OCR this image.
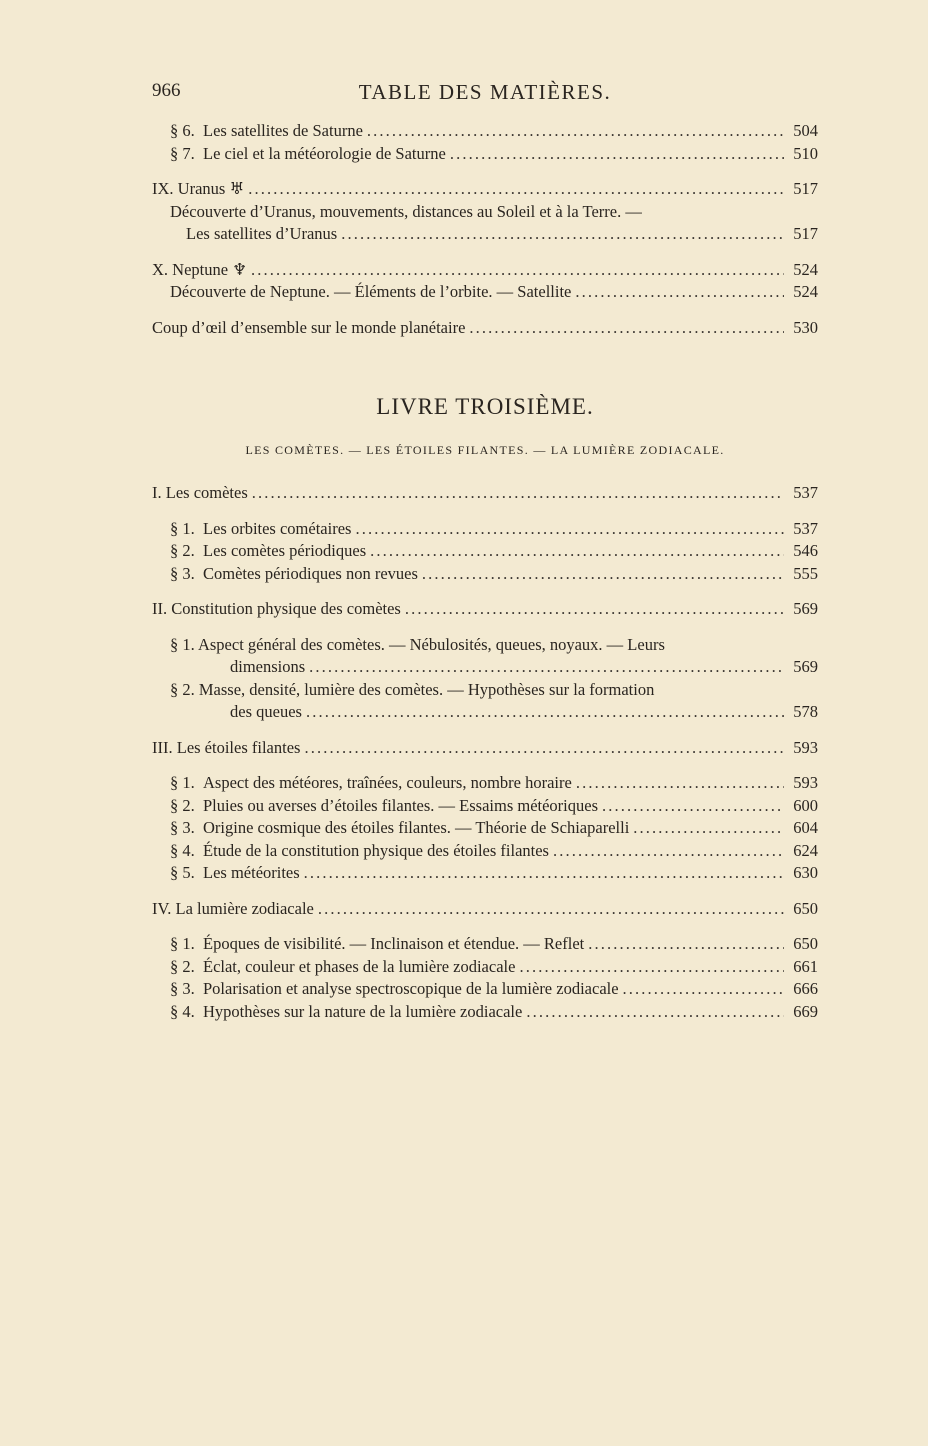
966	TABLE DES MATIÈRES.
§ 6. Les satellites de Saturne . . .	504
§ 7. Le ciel et la météorologie de Saturne . . .	510
IX. Uranus ♅ . . .	517
Découverte d’Uranus, mouvements, distances au Soleil et à la Terre. —
Les satellites d’Uranus . . .	517
X. Neptune ♆ . . .	524
Découverte de Neptune. — Éléments de l’orbite. — Satellite . . .	524
Coup d’œil d’ensemble sur le monde planétaire . . .	530
LIVRE TROISIÈME.
LES COMÈTES. — LES ÉTOILES FILANTES. — LA LUMIÈRE ZODIACALE.
I. Les comètes . . .	537
§ 1. Les orbites cométaires . . .	537
§ 2. Les comètes périodiques . . .	546
§ 3. Comètes périodiques non revues . . .	555
II. Constitution physique des comètes . . .	569
§ 1. Aspect général des comètes. — Nébulosités, queues, noyaux. — Leurs
dimensions . . .	569
§ 2. Masse, densité, lumière des comètes. — Hypothèses sur la formation
des queues . . .	578
III. Les étoiles filantes . . .	593
§ 1. Aspect des météores, traînées, couleurs, nombre horaire . . .	593
§ 2. Pluies ou averses d’étoiles filantes. — Essaims météoriques . . .	600
§ 3. Origine cosmique des étoiles filantes. — Théorie de Schiaparelli . . .	604
§ 4. Étude de la constitution physique des étoiles filantes . . .	624
§ 5. Les météorites . . .	630
IV. La lumière zodiacale . . .	650
§ 1. Époques de visibilité. — Inclinaison et étendue. — Reflet . . .	650
§ 2. Éclat, couleur et phases de la lumière zodiacale . . .	661
§ 3. Polarisation et analyse spectroscopique de la lumière zodiacale . . .	666
§ 4. Hypothèses sur la nature de la lumière zodiacale . . .	669
